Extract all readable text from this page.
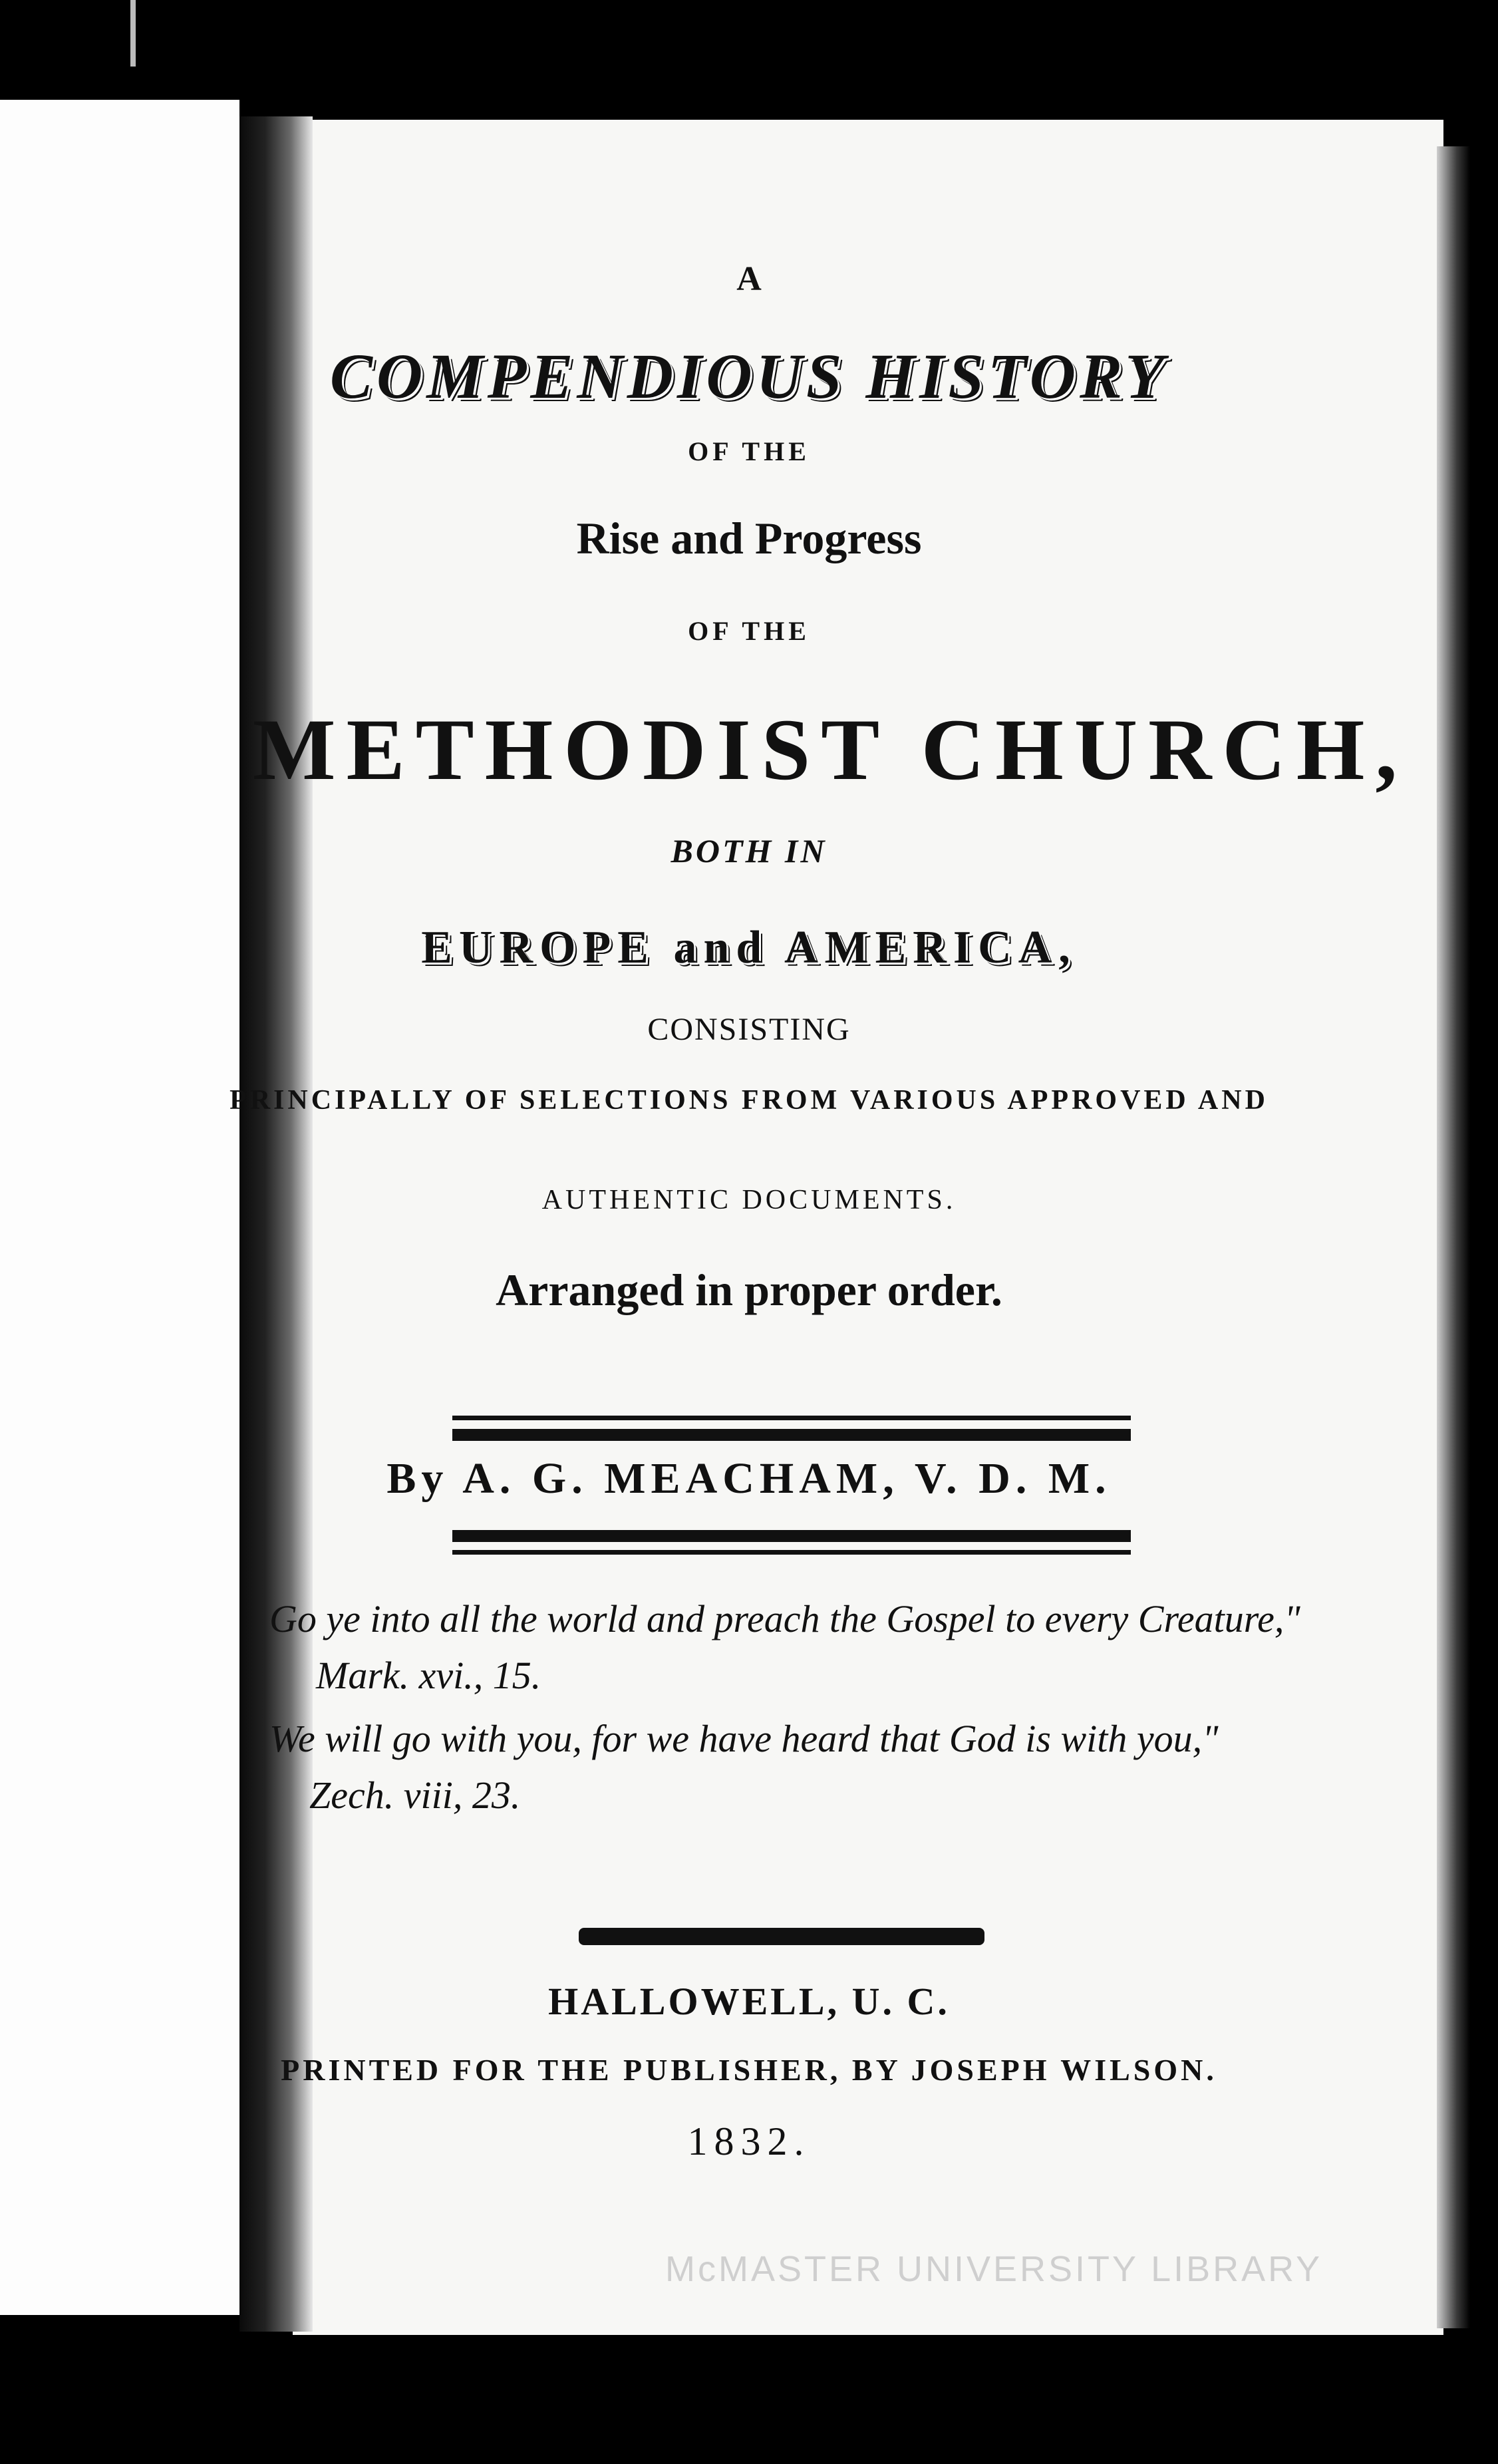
A
COMPENDIOUS HISTORY
OF THE
Rise and Progress
OF THE
METHODIST CHURCH,
BOTH IN
EUROPE and AMERICA,
CONSISTING
PRINCIPALLY OF SELECTIONS FROM VARIOUS APPROVED AND
AUTHENTIC DOCUMENTS.
Arranged in proper order.
By A. G. MEACHAM, V. D. M.
Go ye into all the world and preach the Gospel to every Creature,"
Mark. xvi., 15.
We will go with you, for we have heard that God is with you,"
Zech. viii, 23.
HALLOWELL, U. C.
PRINTED FOR THE PUBLISHER, BY JOSEPH WILSON.
1832.
McMASTER UNIVERSITY LIBRARY
